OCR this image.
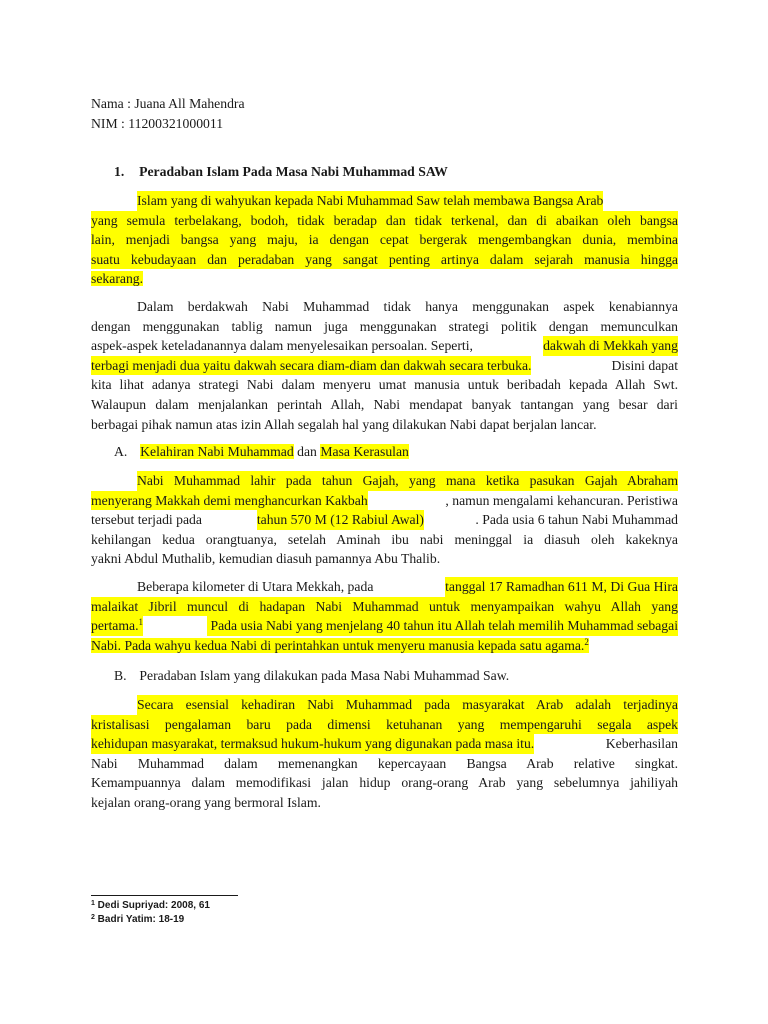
Nama : Juana All Mahendra
NIM : 11200321000011
1. Peradaban Islam Pada Masa Nabi Muhammad SAW
Islam yang di wahyukan kepada Nabi Muhammad Saw telah membawa Bangsa Arab
yang semula terbelakang, bodoh, tidak beradap dan tidak terkenal, dan di abaikan oleh bangsa
lain, menjadi bangsa yang maju, ia dengan cepat bergerak mengembangkan dunia, membina
suatu kebudayaan dan peradaban yang sangat penting artinya dalam sejarah manusia hingga
sekarang.
Dalam berdakwah Nabi Muhammad tidak hanya menggunakan aspek kenabiannya
dengan menggunakan tablig namun juga menggunakan strategi politik dengan memunculkan
aspek-aspek keteladanannya dalam menyelesaikan persoalan. Seperti,	dakwah di Mekkah yang
terbagi menjadi dua yaitu dakwah secara diam-diam dan dakwah secara terbuka.	Disini dapat
kita lihat adanya strategi Nabi dalam menyeru umat manusia untuk beribadah kepada Allah Swt.
Walaupun dalam menjalankan perintah Allah, Nabi mendapat banyak tantangan yang besar dari
berbagai pihak namun atas izin Allah segalah hal yang dilakukan Nabi dapat berjalan lancar.
A. Kelahiran Nabi Muhammad dan Masa Kerasulan
Nabi Muhammad lahir pada tahun Gajah, yang mana ketika pasukan Gajah Abraham
menyerang Makkah demi menghancurkan Kakbah	, namun mengalami kehancuran. Peristiwa
tersebut terjadi pada	tahun 570 M (12 Rabiul Awal)	. Pada usia 6 tahun Nabi Muhammad
kehilangan kedua orangtuanya, setelah Aminah ibu nabi meninggal ia diasuh oleh kakeknya
yakni Abdul Muthalib, kemudian diasuh pamannya Abu Thalib.
Beberapa kilometer di Utara Mekkah, pada	tanggal 17 Ramadhan 611 M, Di Gua Hira
malaikat Jibril muncul di hadapan Nabi Muhammad untuk menyampaikan wahyu Allah yang
pertama.$^1$	Pada usia Nabi yang menjelang 40 tahun itu Allah telah memilih Muhammad sebagai
Nabi. Pada wahyu kedua Nabi di perintahkan untuk menyeru manusia kepada satu agama.$^2$
B. Peradaban Islam yang dilakukan pada Masa Nabi Muhammad Saw.
Secara esensial kehadiran Nabi Muhammad pada masyarakat Arab adalah terjadinya
kristalisasi pengalaman baru pada dimensi ketuhanan yang mempengaruhi segala aspek
kehidupan masyarakat, termaksud hukum-hukum yang digunakan pada masa itu.	Keberhasilan
Nabi Muhammad dalam memenangkan kepercayaan Bangsa Arab relative singkat.
Kemampuannya dalam memodifikasi jalan hidup orang-orang Arab yang sebelumnya jahiliyah
kejalan orang-orang yang bermoral Islam.
$^1$ Dedi Supriyad: 2008, 61
$^2$ Badri Yatim: 18-19
